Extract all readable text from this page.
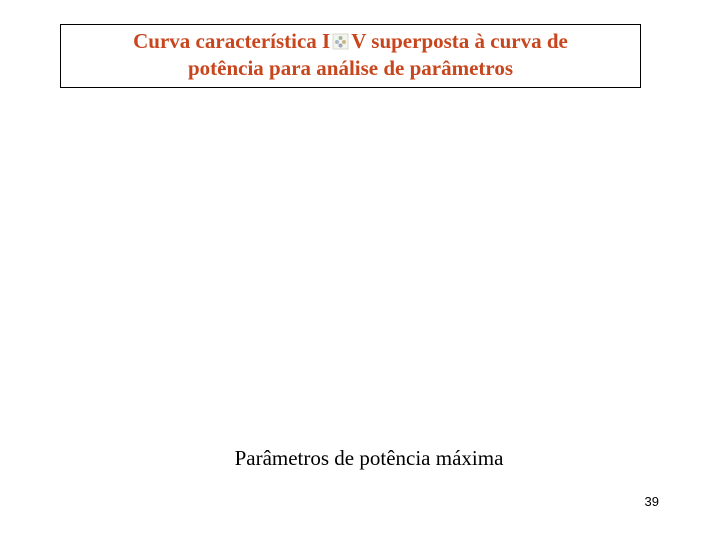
Curva característica I V superposta à curva de
potência para análise de parâmetros
Parâmetros de potência máxima
39
